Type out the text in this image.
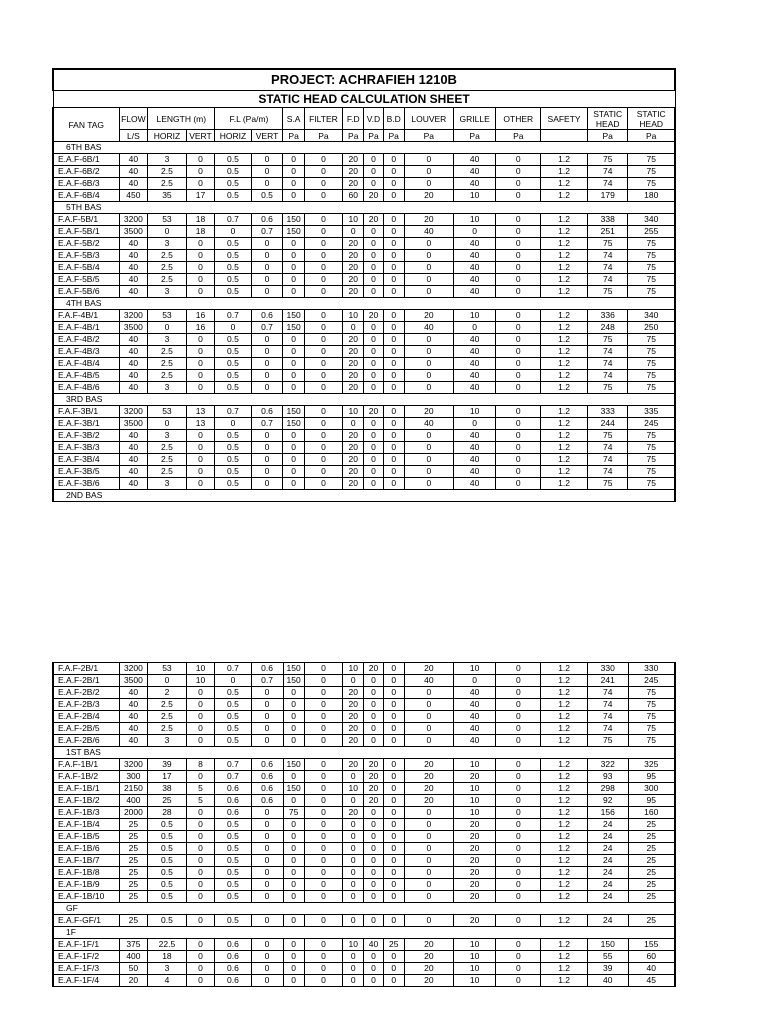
PROJECT: ACHRAFIEH 1210B																
STATIC HEAD CALCULATION SHEET																
FAN TAG	FLOW	LENGTH (m)		F.L (Pa/m)		S.A	FILTER	F.D	V.D	B.D	LOUVER	GRILLE	OTHER	SAFETY	STATIC HEAD	STATIC HEAD
	L/S	HORIZ	VERT	HORIZ	VERT	Pa	Pa	Pa	Pa	Pa	Pa	Pa	Pa		Pa	Pa
6TH BAS																
E.A.F-6B/1	40	3	0	0.5	0	0	0	20	0	0	0	40	0	1.2	75	75
E.A.F-6B/2	40	2.5	0	0.5	0	0	0	20	0	0	0	40	0	1.2	74	75
E.A.F-6B/3	40	2.5	0	0.5	0	0	0	20	0	0	0	40	0	1.2	74	75
E.A.F-6B/4	450	35	17	0.5	0.5	0	0	60	20	0	20	10	0	1.2	179	180
5TH BAS																
F.A.F-5B/1	3200	53	18	0.7	0.6	150	0	10	20	0	20	10	0	1.2	338	340
E.A.F-5B/1	3500	0	18	0	0.7	150	0	0	0	0	40	0	0	1.2	251	255
E.A.F-5B/2	40	3	0	0.5	0	0	0	20	0	0	0	40	0	1.2	75	75
E.A.F-5B/3	40	2.5	0	0.5	0	0	0	20	0	0	0	40	0	1.2	74	75
E.A.F-5B/4	40	2.5	0	0.5	0	0	0	20	0	0	0	40	0	1.2	74	75
E.A.F-5B/5	40	2.5	0	0.5	0	0	0	20	0	0	0	40	0	1.2	74	75
E.A.F-5B/6	40	3	0	0.5	0	0	0	20	0	0	0	40	0	1.2	75	75
4TH BAS																
F.A.F-4B/1	3200	53	16	0.7	0.6	150	0	10	20	0	20	10	0	1.2	336	340
E.A.F-4B/1	3500	0	16	0	0.7	150	0	0	0	0	40	0	0	1.2	248	250
E.A.F-4B/2	40	3	0	0.5	0	0	0	20	0	0	0	40	0	1.2	75	75
E.A.F-4B/3	40	2.5	0	0.5	0	0	0	20	0	0	0	40	0	1.2	74	75
E.A.F-4B/4	40	2.5	0	0.5	0	0	0	20	0	0	0	40	0	1.2	74	75
E.A.F-4B/5	40	2.5	0	0.5	0	0	0	20	0	0	0	40	0	1.2	74	75
E.A.F-4B/6	40	3	0	0.5	0	0	0	20	0	0	0	40	0	1.2	75	75
3RD BAS																
F.A.F-3B/1	3200	53	13	0.7	0.6	150	0	10	20	0	20	10	0	1.2	333	335
E.A.F-3B/1	3500	0	13	0	0.7	150	0	0	0	0	40	0	0	1.2	244	245
E.A.F-3B/2	40	3	0	0.5	0	0	0	20	0	0	0	40	0	1.2	75	75
E.A.F-3B/3	40	2.5	0	0.5	0	0	0	20	0	0	0	40	0	1.2	74	75
E.A.F-3B/4	40	2.5	0	0.5	0	0	0	20	0	0	0	40	0	1.2	74	75
E.A.F-3B/5	40	2.5	0	0.5	0	0	0	20	0	0	0	40	0	1.2	74	75
E.A.F-3B/6	40	3	0	0.5	0	0	0	20	0	0	0	40	0	1.2	75	75
2ND BAS																
F.A.F-2B/1	3200	53	10	0.7	0.6	150	0	10	20	0	20	10	0	1.2	330	330
E.A.F-2B/1	3500	0	10	0	0.7	150	0	0	0	0	40	0	0	1.2	241	245
E.A.F-2B/2	40	2	0	0.5	0	0	0	20	0	0	0	40	0	1.2	74	75
E.A.F-2B/3	40	2.5	0	0.5	0	0	0	20	0	0	0	40	0	1.2	74	75
E.A.F-2B/4	40	2.5	0	0.5	0	0	0	20	0	0	0	40	0	1.2	74	75
E.A.F-2B/5	40	2.5	0	0.5	0	0	0	20	0	0	0	40	0	1.2	74	75
E.A.F-2B/6	40	3	0	0.5	0	0	0	20	0	0	0	40	0	1.2	75	75
1ST BAS																
F.A.F-1B/1	3200	39	8	0.7	0.6	150	0	20	20	0	20	10	0	1.2	322	325
F.A.F-1B/2	300	17	0	0.7	0.6	0	0	0	20	0	20	20	0	1.2	93	95
E.A.F-1B/1	2150	38	5	0.6	0.6	150	0	10	20	0	20	10	0	1.2	298	300
E.A.F-1B/2	400	25	5	0.6	0.6	0	0	0	20	0	20	10	0	1.2	92	95
E.A.F-1B/3	2000	28	0	0.6	0	75	0	20	0	0	0	10	0	1.2	156	160
E.A.F-1B/4	25	0.5	0	0.5	0	0	0	0	0	0	0	20	0	1.2	24	25
E.A.F-1B/5	25	0.5	0	0.5	0	0	0	0	0	0	0	20	0	1.2	24	25
E.A.F-1B/6	25	0.5	0	0.5	0	0	0	0	0	0	0	20	0	1.2	24	25
E.A.F-1B/7	25	0.5	0	0.5	0	0	0	0	0	0	0	20	0	1.2	24	25
E.A.F-1B/8	25	0.5	0	0.5	0	0	0	0	0	0	0	20	0	1.2	24	25
E.A.F-1B/9	25	0.5	0	0.5	0	0	0	0	0	0	0	20	0	1.2	24	25
E.A.F-1B/10	25	0.5	0	0.5	0	0	0	0	0	0	0	20	0	1.2	24	25
GF																
E.A.F-GF/1	25	0.5	0	0.5	0	0	0	0	0	0	0	20	0	1.2	24	25
1F																
E.A.F-1F/1	375	22.5	0	0.6	0	0	0	10	40	25	20	10	0	1.2	150	155
E.A.F-1F/2	400	18	0	0.6	0	0	0	0	0	0	20	10	0	1.2	55	60
E.A.F-1F/3	50	3	0	0.6	0	0	0	0	0	0	20	10	0	1.2	39	40
E.A.F-1F/4	20	4	0	0.6	0	0	0	0	0	0	20	10	0	1.2	40	45
